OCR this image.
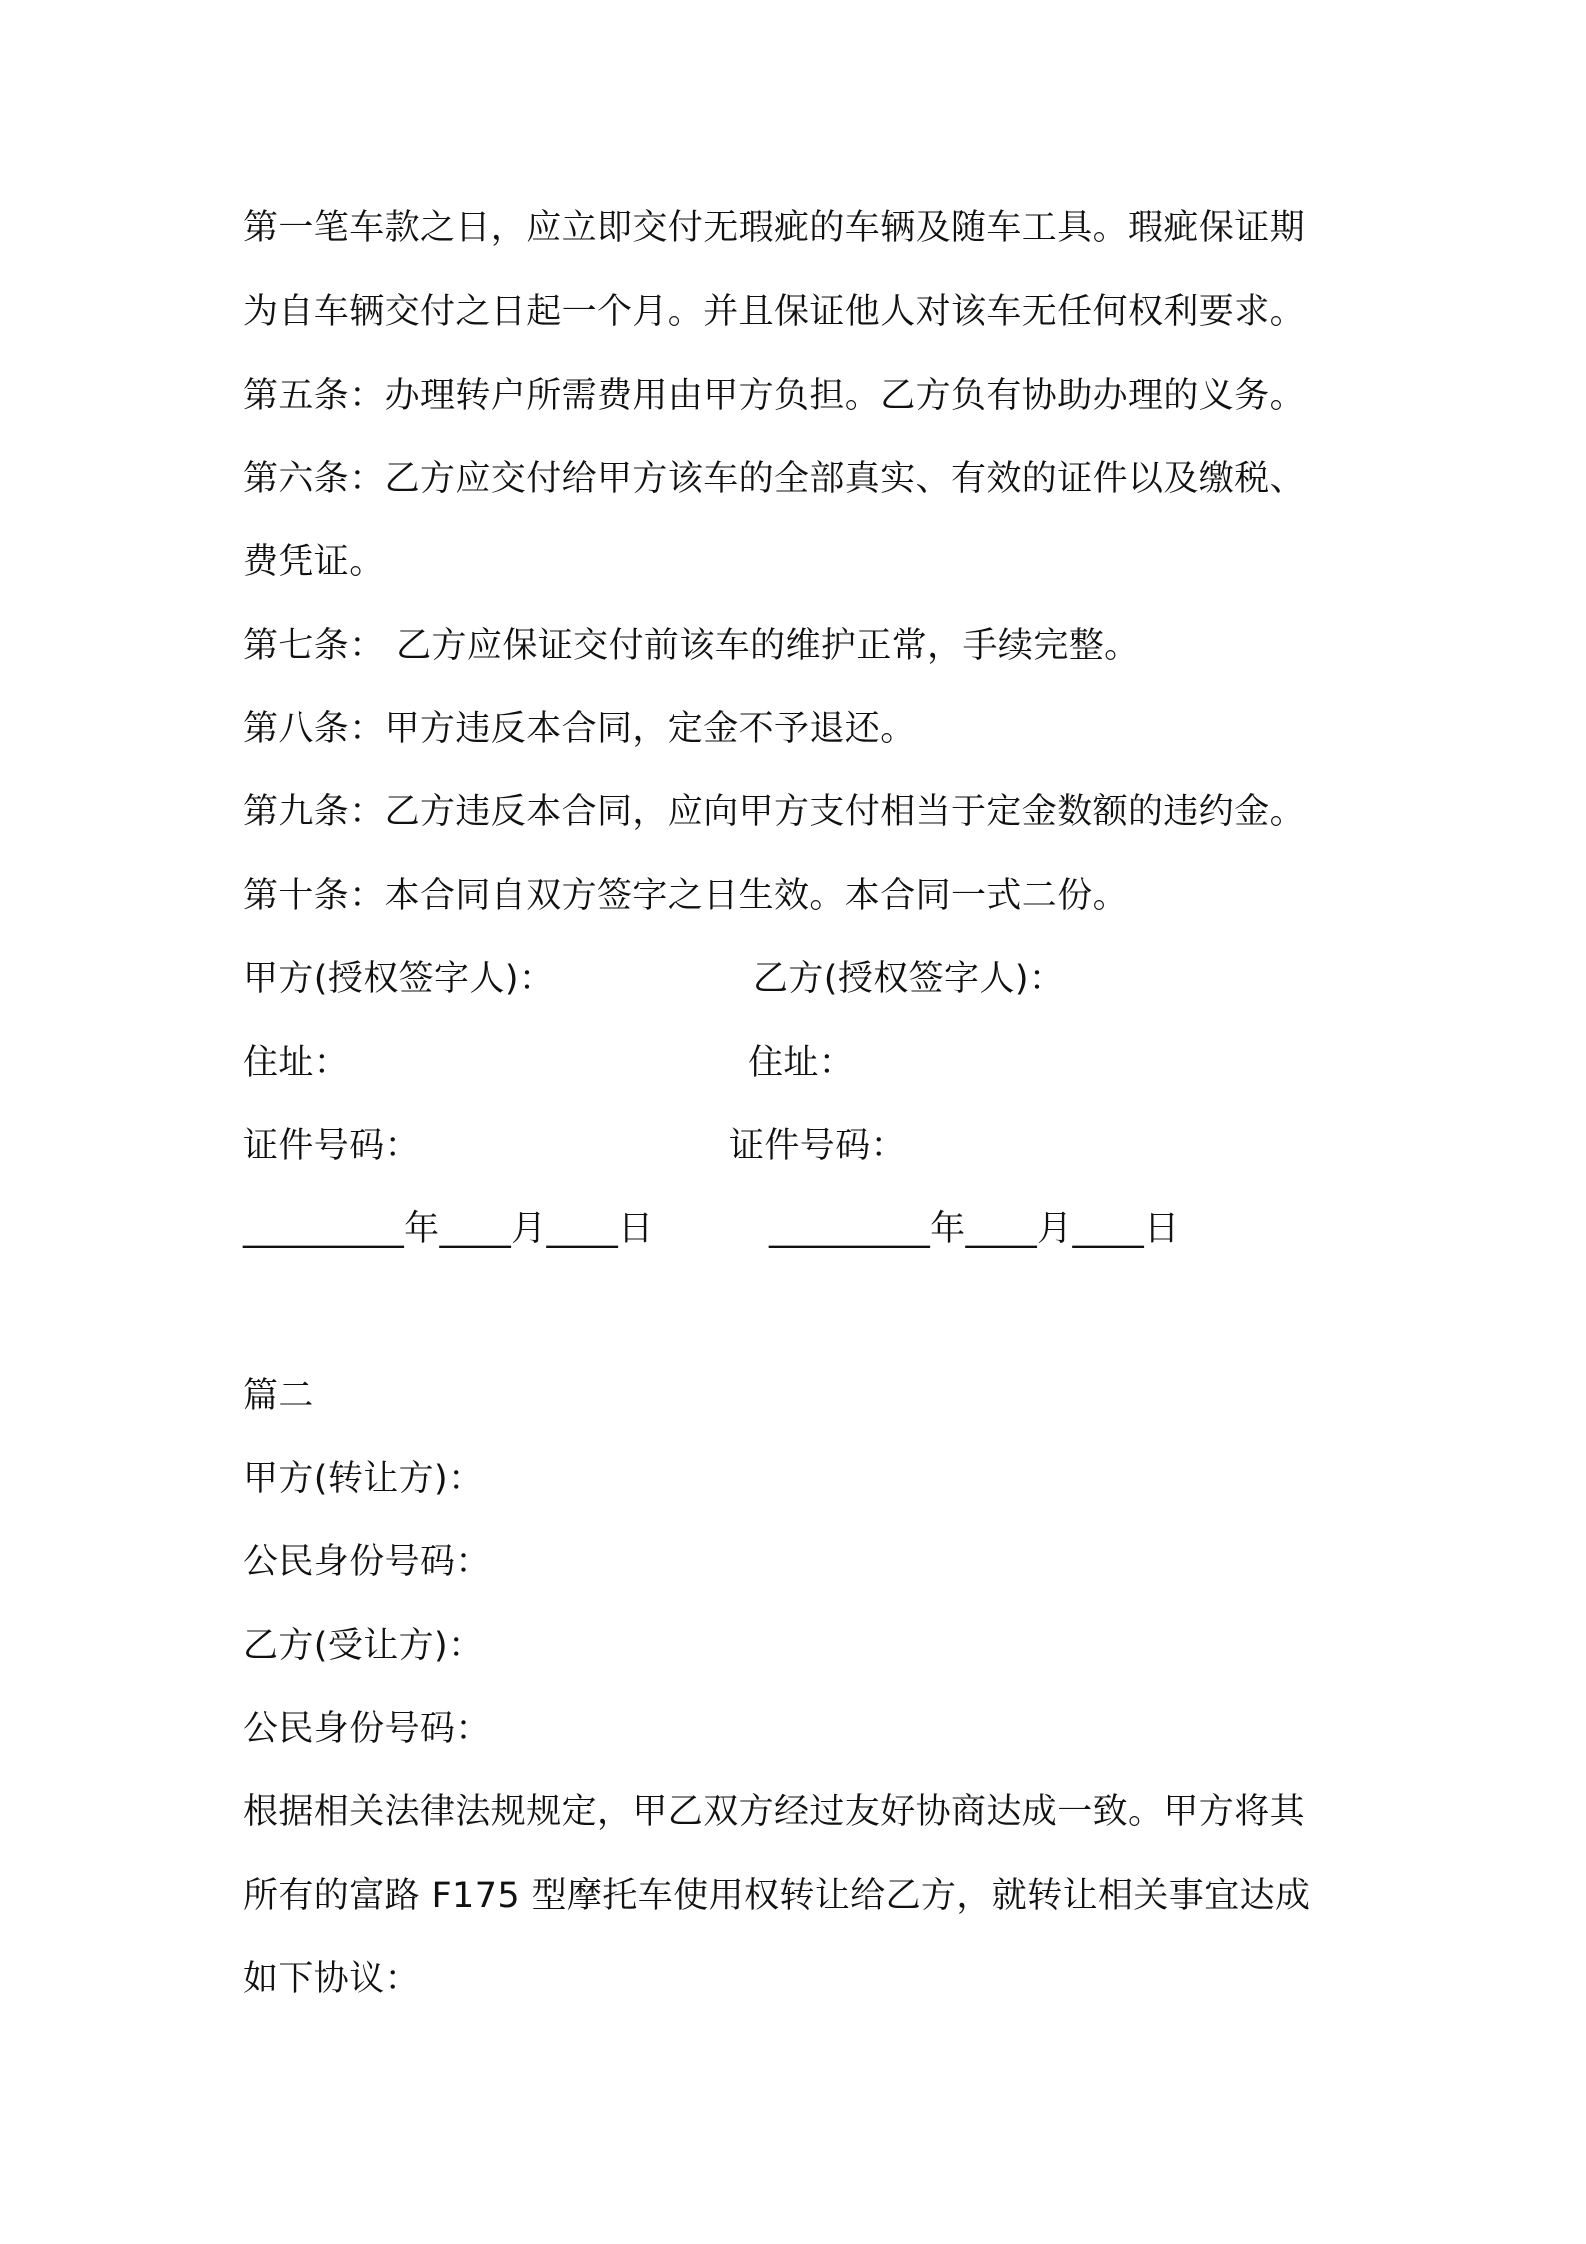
第一笔车款之日，应立即交付无瑕疵的车辆及随车工具。瑕疵保证期
为自车辆交付之日起一个月。并且保证他人对该车无任何权利要求。
第五条：办理转户所需费用由甲方负担。乙方负有协助办理的义务。
第六条：乙方应交付给甲方该车的全部真实、有效的证件以及缴税、
费凭证。
第七条： 乙方应保证交付前该车的维护正常，手续完整。
第八条：甲方违反本合同，定金不予退还。
第九条：乙方违反本合同，应向甲方支付相当于定金数额的违约金。
第十条：本合同自双方签字之日生效。本合同一式二份。
甲方(授权签字人)：	乙方(授权签字人)：
住址：	住址：
证件号码：	证件号码：
_________年____月____日	_________年____月____日
篇二
甲方(转让方)：
公民身份号码：
乙方(受让方)：
公民身份号码：
根据相关法律法规规定，甲乙双方经过友好协商达成一致。甲方将其
所有的富路 F175 型摩托车使用权转让给乙方，就转让相关事宜达成
如下协议：
